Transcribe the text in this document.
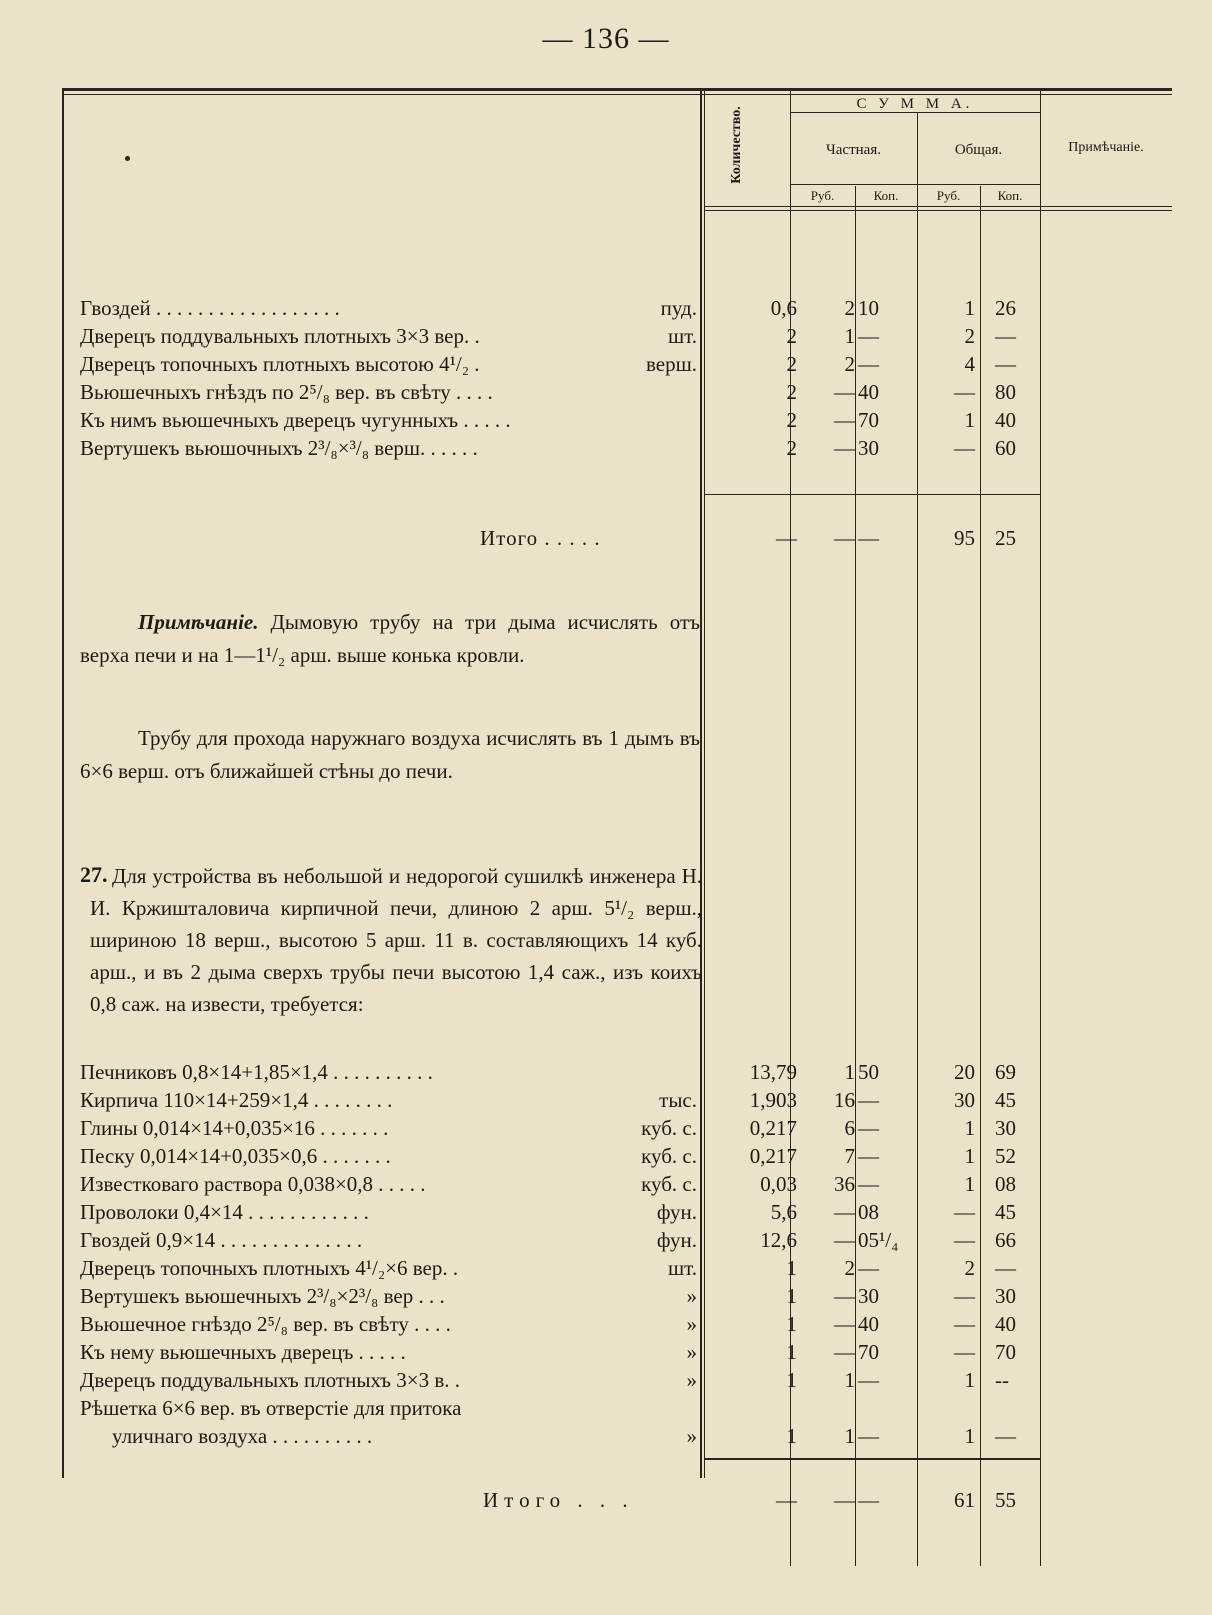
— 136 —
Количество.
С У М М А.
Частная.	Общая.	Примѣчаніе.
Руб.	Коп.	Руб.	Коп.
Гвоздей . . . . . . . . . . . . . . . . . .	пуд.	0,6 2 10	1 26
Дверецъ поддувальныхъ плотныхъ 3×3 вер. .	шт.	2 1 —	2 —
Дверецъ топочныхъ плотныхъ высотою 4¹/₂ .	верш.	2 2 —	4 —
Вьюшечныхъ гнѣздъ по 2⁵/₈ вер. въ свѣту . . . .	2 — 40	— 80
Къ нимъ вьюшечныхъ дверецъ чугунныхъ . . . . .	2 — 70	1 40
Вертушекъ вьюшочныхъ 2³/₈×³/₈ верш. . . . . .	2 — 30	— 60
Итого . . . . .	— — —	95 25
Примѣчаніе. Дымовую трубу на три дыма исчислять отъ верха печи и на 1—1¹/₂ арш. выше конька кровли.
Трубу для прохода наружнаго воздуха исчислять въ 1 дымъ въ 6×6 верш. отъ ближайшей стѣны до печи.
27. Для устройства въ небольшой и недорогой сушилкѣ инженера Н. И. Кржишталовича кирпичной печи, длиною 2 арш. 5¹/₂ верш., шириною 18 верш., высотою 5 арш. 11 в. составляющихъ 14 куб. арш., и въ 2 дыма сверхъ трубы печи высотою 1,4 саж., изъ коихъ 0,8 саж. на извести, требуется:
Печниковъ 0,8×14+1,85×1,4 . . . . . . . . . .	13,79 1 50	20 69
Кирпича 110×14+259×1,4 . . . . . . . .	тыс.	1,903 16 —	30 45
Глины 0,014×14+0,035×16 . . . . . . .	куб. с.	0,217 6 —	1 30
Песку 0,014×14+0,035×0,6 . . . . . . .	куб. с.	0,217 7 —	1 52
Известковаго раствора 0,038×0,8 . . . . .	куб. с.	0,03 36 —	1 08
Проволоки 0,4×14 . . . . . . . . . . . .	фун.	5,6 — 08	— 45
Гвоздей 0,9×14 . . . . . . . . . . . . . .	фун.	12,6 — 05¹/₄	— 66
Дверецъ топочныхъ плотныхъ 4¹/₂×6 вер. .	шт.	1 2 —	2 —
Вертушекъ вьюшечныхъ 2³/₈×2³/₈ вер . . .	»	1 — 30	— 30
Вьюшечное гнѣздо 2⁵/₈ вер. въ свѣту . . . .	»	1 — 40	— 40
Къ нему вьюшечныхъ дверецъ . . . . .	»	1 — 70	— 70
Дверецъ поддувальныхъ плотныхъ 3×3 в. .	»	1 1 —	1 --
Рѣшетка 6×6 вер. въ отверстіе для притока
уличнаго воздуха . . . . . . . . . .	»	1 1 —	1 —
Итого . . .	— — —	61 55
